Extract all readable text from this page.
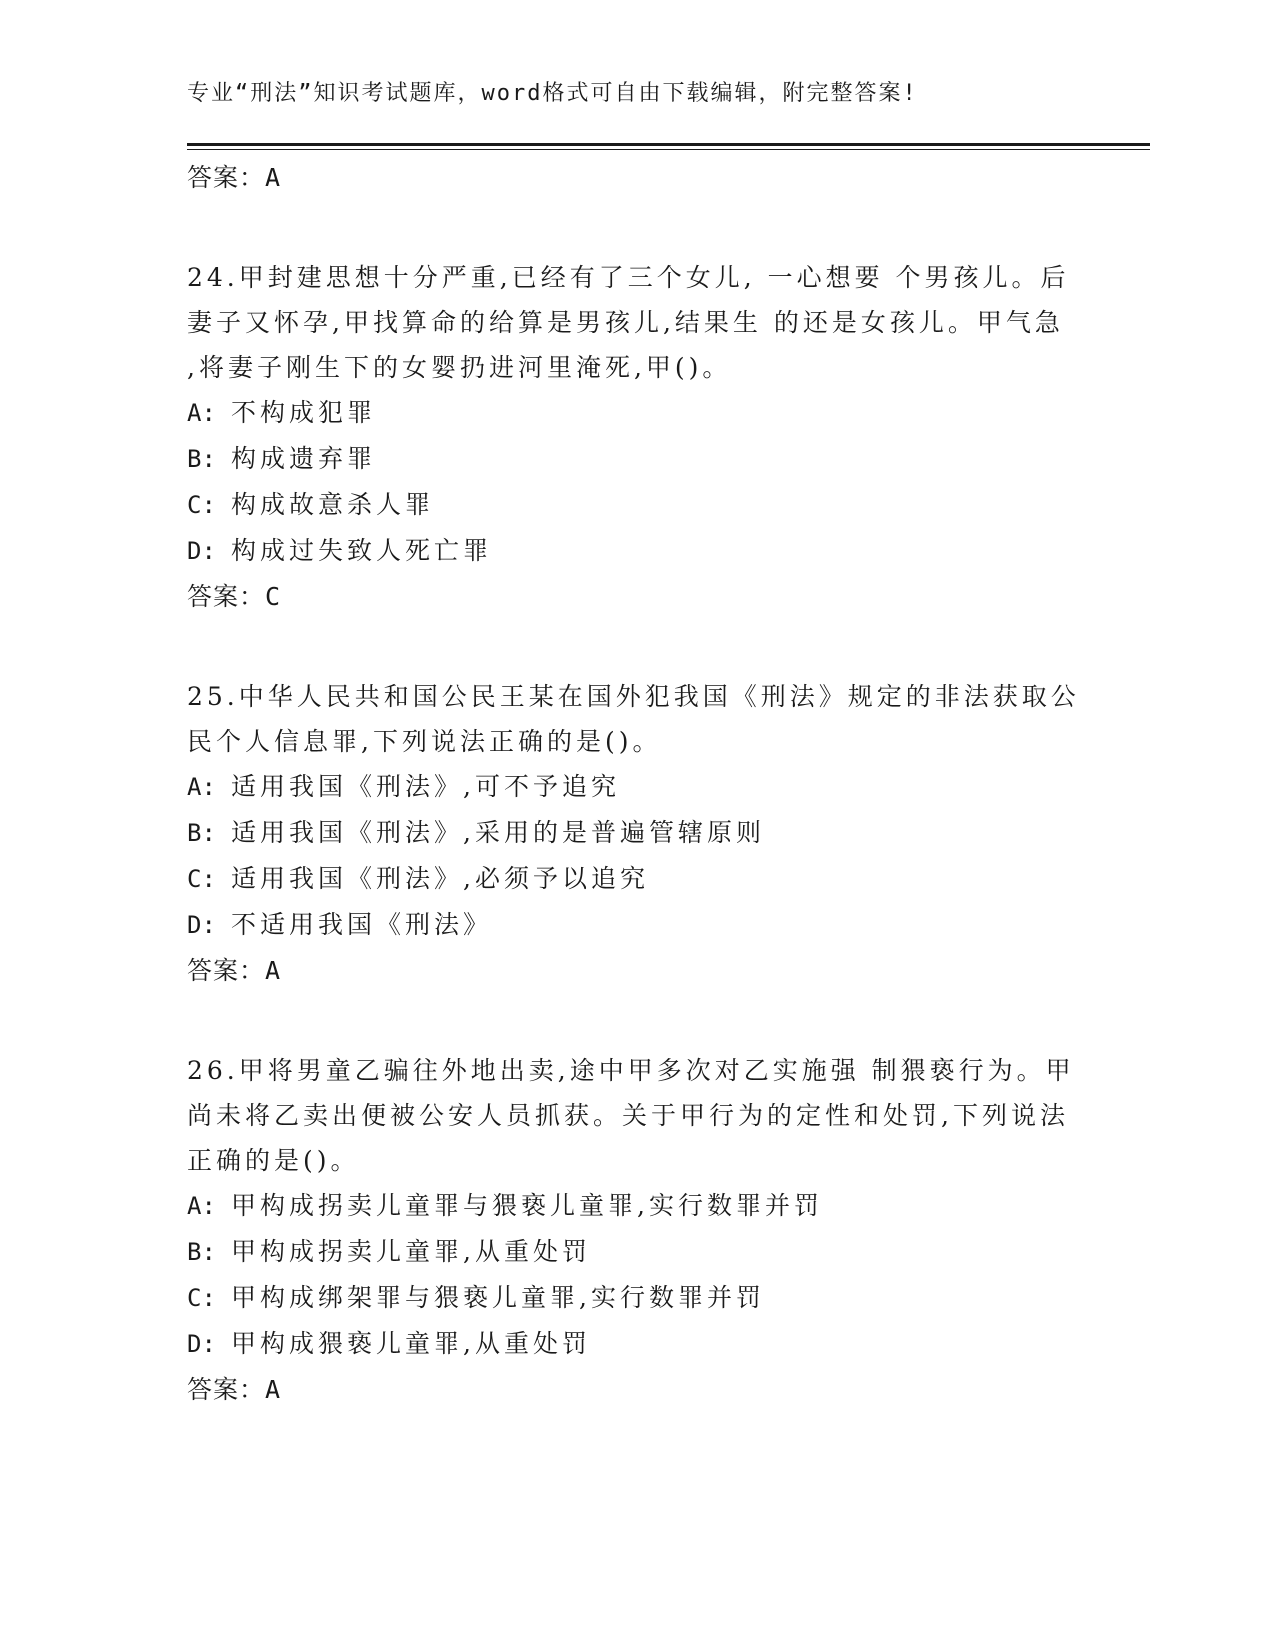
专业“刑法”知识考试题库，word格式可自由下载编辑，附完整答案!
答案：A
24.甲封建思想十分严重,已经有了三个女儿, 一心想要 个男孩儿。后
妻子又怀孕,甲找算命的给算是男孩儿,结果生 的还是女孩儿。甲气急
,将妻子刚生下的女婴扔进河里淹死,甲()。
A: 不构成犯罪
B: 构成遗弃罪
C: 构成故意杀人罪
D: 构成过失致人死亡罪
答案：C
25.中华人民共和国公民王某在国外犯我国《刑法》规定的非法获取公
民个人信息罪,下列说法正确的是()。
A: 适用我国《刑法》,可不予追究
B: 适用我国《刑法》,采用的是普遍管辖原则
C: 适用我国《刑法》,必须予以追究
D: 不适用我国《刑法》
答案：A
26.甲将男童乙骗往外地出卖,途中甲多次对乙实施强 制猥亵行为。甲
尚未将乙卖出便被公安人员抓获。关于甲行为的定性和处罚,下列说法
正确的是()。
A: 甲构成拐卖儿童罪与猥亵儿童罪,实行数罪并罚
B: 甲构成拐卖儿童罪,从重处罚
C: 甲构成绑架罪与猥亵儿童罪,实行数罪并罚
D: 甲构成猥亵儿童罪,从重处罚
答案：A
